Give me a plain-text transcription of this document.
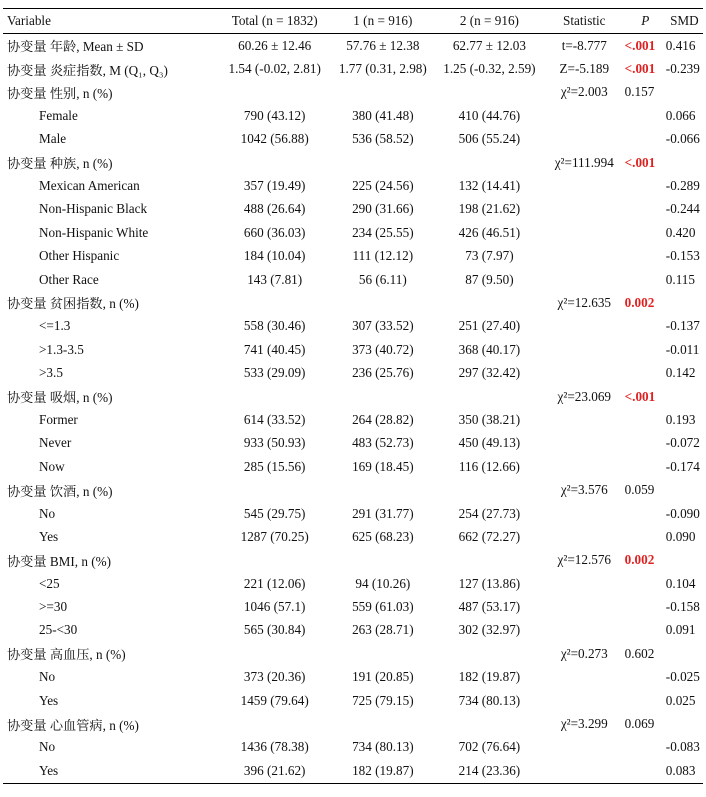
Variable	Total (n = 1832)	1 (n = 916)	2 (n = 916)	Statistic	P	SMD
协变量 年龄, Mean ± SD	60.26 ± 12.46	57.76 ± 12.38	62.77 ± 12.03	t=-8.777	<.001	0.416
协变量 炎症指数, M (Q₁, Q₃)	1.54 (-0.02, 2.81)	1.77 (0.31, 2.98)	1.25 (-0.32, 2.59)	Z=-5.189	<.001	-0.239
协变量 性别, n (%)				χ²=2.003	0.157	
Female	790 (43.12)	380 (41.48)	410 (44.76)			0.066
Male	1042 (56.88)	536 (58.52)	506 (55.24)			-0.066
协变量 种族, n (%)				χ²=111.994	<.001	
Mexican American	357 (19.49)	225 (24.56)	132 (14.41)			-0.289
Non-Hispanic Black	488 (26.64)	290 (31.66)	198 (21.62)			-0.244
Non-Hispanic White	660 (36.03)	234 (25.55)	426 (46.51)			0.420
Other Hispanic	184 (10.04)	111 (12.12)	73 (7.97)			-0.153
Other Race	143 (7.81)	56 (6.11)	87 (9.50)			0.115
协变量 贫困指数, n (%)				χ²=12.635	0.002	
<=1.3	558 (30.46)	307 (33.52)	251 (27.40)			-0.137
>1.3-3.5	741 (40.45)	373 (40.72)	368 (40.17)			-0.011
>3.5	533 (29.09)	236 (25.76)	297 (32.42)			0.142
协变量 吸烟, n (%)				χ²=23.069	<.001	
Former	614 (33.52)	264 (28.82)	350 (38.21)			0.193
Never	933 (50.93)	483 (52.73)	450 (49.13)			-0.072
Now	285 (15.56)	169 (18.45)	116 (12.66)			-0.174
协变量 饮酒, n (%)				χ²=3.576	0.059	
No	545 (29.75)	291 (31.77)	254 (27.73)			-0.090
Yes	1287 (70.25)	625 (68.23)	662 (72.27)			0.090
协变量 BMI, n (%)				χ²=12.576	0.002	
<25	221 (12.06)	94 (10.26)	127 (13.86)			0.104
>=30	1046 (57.1)	559 (61.03)	487 (53.17)			-0.158
25-<30	565 (30.84)	263 (28.71)	302 (32.97)			0.091
协变量 高血压, n (%)				χ²=0.273	0.602	
No	373 (20.36)	191 (20.85)	182 (19.87)			-0.025
Yes	1459 (79.64)	725 (79.15)	734 (80.13)			0.025
协变量 心血管病, n (%)				χ²=3.299	0.069	
No	1436 (78.38)	734 (80.13)	702 (76.64)			-0.083
Yes	396 (21.62)	182 (19.87)	214 (23.36)			0.083
